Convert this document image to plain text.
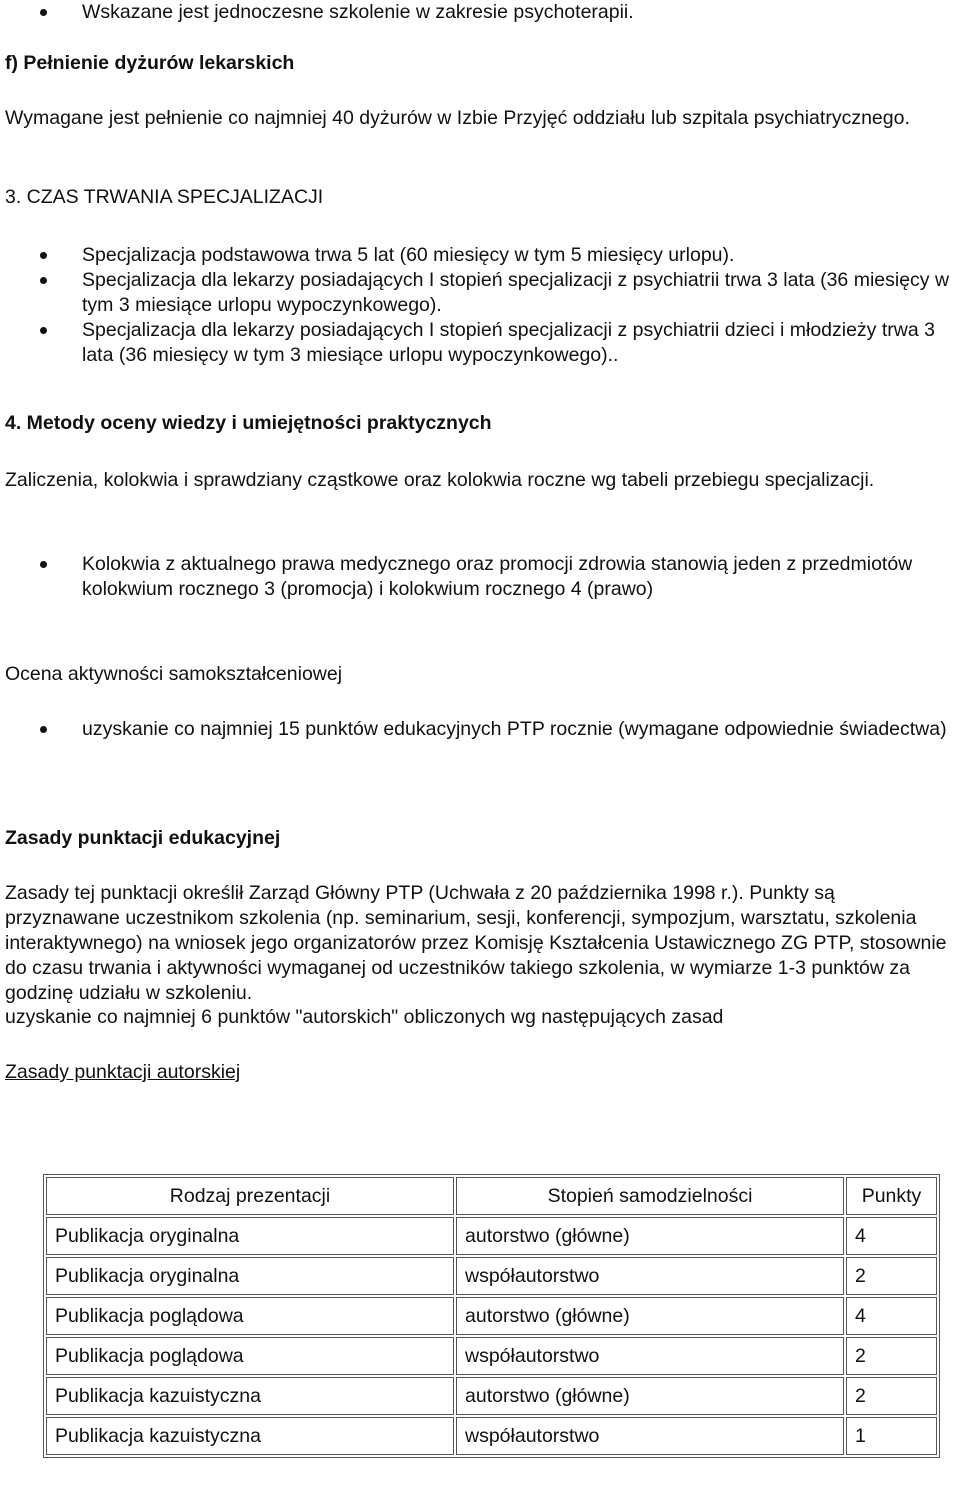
Wskazane jest jednoczesne szkolenie w zakresie psychoterapii.

f) Pełnienie dyżurów lekarskich

Wymagane jest pełnienie co najmniej 40 dyżurów w Izbie Przyjęć oddziału lub szpitala psychiatrycznego.

3. CZAS TRWANIA SPECJALIZACJI

Specjalizacja podstawowa trwa 5 lat (60 miesięcy w tym 5 miesięcy urlopu).
Specjalizacja dla lekarzy posiadających I stopień specjalizacji z psychiatrii trwa 3 lata (36 miesięcy w tym 3 miesiące urlopu wypoczynkowego).
Specjalizacja dla lekarzy posiadających I stopień specjalizacji z psychiatrii dzieci i młodzieży trwa 3 lata (36 miesięcy w tym 3 miesiące urlopu wypoczynkowego)..

4. Metody oceny wiedzy i umiejętności praktycznych

Zaliczenia, kolokwia i sprawdziany cząstkowe oraz kolokwia roczne wg tabeli przebiegu specjalizacji.

Kolokwia z aktualnego prawa medycznego oraz promocji zdrowia stanowią jeden z przedmiotów kolokwium rocznego 3 (promocja) i kolokwium rocznego 4 (prawo)

Ocena aktywności samokształceniowej

uzyskanie co najmniej 15 punktów edukacyjnych PTP rocznie (wymagane odpowiednie świadectwa)

Zasady punktacji edukacyjnej

Zasady tej punktacji określił Zarząd Główny PTP (Uchwała z 20 października 1998 r.). Punkty są przyznawane uczestnikom szkolenia (np. seminarium, sesji, konferencji, sympozjum, warsztatu, szkolenia interaktywnego) na wniosek jego organizatorów przez Komisję Kształcenia Ustawicznego ZG PTP, stosownie do czasu trwania i aktywności wymaganej od uczestników takiego szkolenia, w wymiarze 1-3 punktów za godzinę udziału w szkoleniu.

uzyskanie co najmniej 6 punktów "autorskich" obliczonych wg następujących zasad

Zasady punktacji autorskiej

Rodzaj prezentacji	Stopień samodzielności	Punkty
Publikacja oryginalna	autorstwo (główne)	4
Publikacja oryginalna	współautorstwo	2
Publikacja poglądowa	autorstwo (główne)	4
Publikacja poglądowa	współautorstwo	2
Publikacja kazuistyczna	autorstwo (główne)	2
Publikacja kazuistyczna	współautorstwo	1
